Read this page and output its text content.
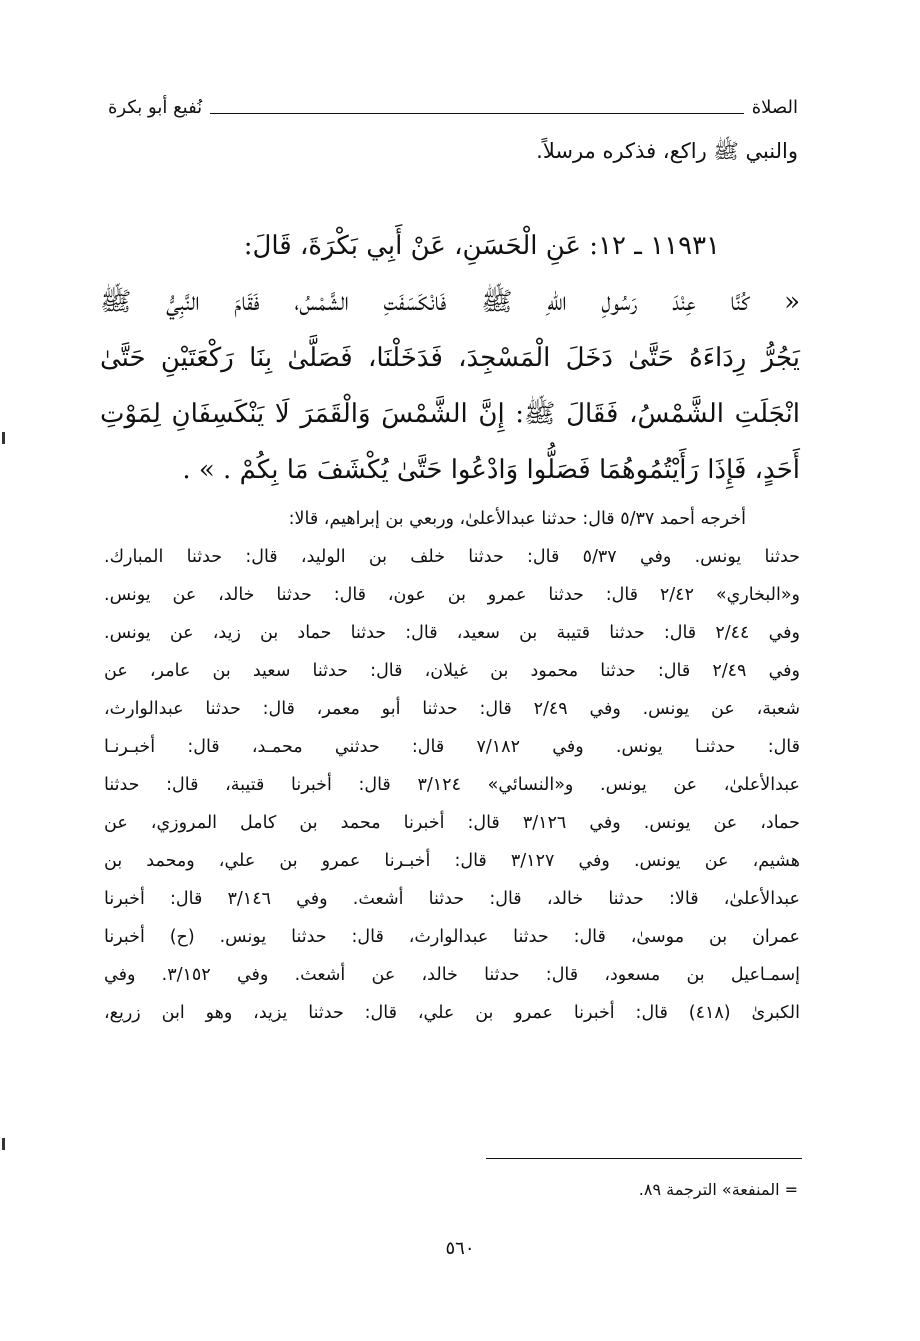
الصلاة
نُفيع أبو بكرة
والنبي ﷺ راكع، فذكره مرسلاً.
١١٩٣١ ـ ١٢: عَنِ الْحَسَنِ، عَنْ أَبِي بَكْرَةَ، قَالَ:
« كُنَّا عِنْدَ رَسُولِ اللهِ ﷺ فَانْكَسَفَتِ الشَّمْسُ، فَقَامَ النَّبِيُّ ﷺ
يَجُرُّ رِدَاءَهُ حَتَّىٰ دَخَلَ الْمَسْجِدَ، فَدَخَلْنَا، فَصَلَّىٰ بِنَا رَكْعَتَيْنِ حَتَّىٰ
انْجَلَتِ الشَّمْسُ، فَقَالَ ﷺ: إِنَّ الشَّمْسَ وَالْقَمَرَ لَا يَنْكَسِفَانِ لِمَوْتِ
أَحَدٍ، فَإِذَا رَأَيْتُمُوهُمَا فَصَلُّوا وَادْعُوا حَتَّىٰ يُكْشَفَ مَا بِكُمْ . » .
أخرجه أحمد ٥/٣٧ قال: حدثنا عبدالأعلىٰ، وربعي بن إبراهيم، قالا:
حدثنا يونس. وفي ٥/٣٧ قال: حدثنا خلف بن الوليد، قال: حدثنا المبارك.
و«البخاري» ٢/٤٢ قال: حدثنا عمرو بن عون، قال: حدثنا خالد، عن يونس.
وفي ٢/٤٤ قال: حدثنا قتيبة بن سعيد، قال: حدثنا حماد بن زيد، عن يونس.
وفي ٢/٤٩ قال: حدثنا محمود بن غيلان، قال: حدثنا سعيد بن عامر، عن
شعبة، عن يونس. وفي ٢/٤٩ قال: حدثنا أبو معمر، قال: حدثنا عبدالوارث،
قال: حدثنـا يونس. وفي ٧/١٨٢ قال: حدثني محمـد، قال: أخبـرنـا
عبدالأعلىٰ، عن يونس. و«النسائي» ٣/١٢٤ قال: أخبرنا قتيبة، قال: حدثنا
حماد، عن يونس. وفي ٣/١٢٦ قال: أخبرنا محمد بن كامل المروزي، عن
هشيم، عن يونس. وفي ٣/١٢٧ قال: أخبـرنا عمرو بن علي، ومحمد بن
عبدالأعلىٰ، قالا: حدثنا خالد، قال: حدثنا أشعث. وفي ٣/١٤٦ قال: أخبرنا
عمران بن موسىٰ، قال: حدثنا عبدالوارث، قال: حدثنا يونس. (ح) أخبرنا
إسمـاعيل بن مسعود، قال: حدثنا خالد، عن أشعث. وفي ٣/١٥٢. وفي
الكبرىٰ (٤١٨) قال: أخبرنا عمرو بن علي، قال: حدثنا يزيد، وهو ابن زريع،
= المنفعة» الترجمة ٨٩.
٥٦٠
